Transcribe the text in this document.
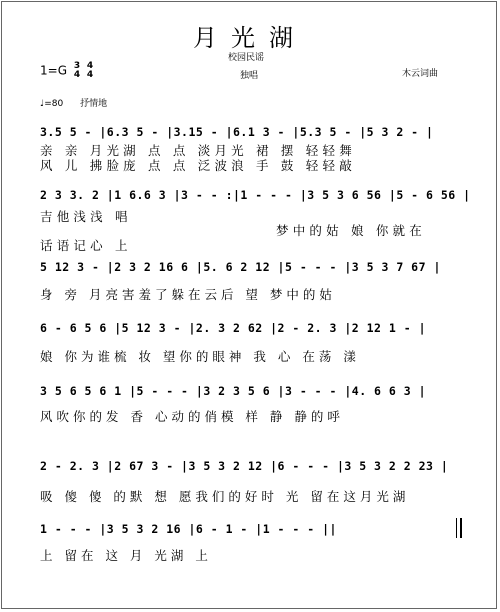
月光湖
校园民谣
独唱	木云词曲
1=G 3
4

4
4
♩=80 抒情地
3.5 5 - |6.3 5 - |3.15 - |6.1 3 - |5.3 5 - |5 3 2 - |
亲 亲 月光湖 点 点 淡月光 裙 摆 轻轻舞
风 儿 拂脸庞 点 点 泛波浪 手 鼓 轻轻敲
2 3 3. 2 |1 6.6 3 |3 - - :|1 - - - |3 5 3 6 56 |5 - 6 56 |
吉他浅浅 唱
梦中的姑 娘 你就在
话语记心 上
5 12 3 - |2 3 2 16 6 |5. 6 2 12 |5 - - - |3 5 3 7 67 |
身 旁 月亮害羞了躲在云后 望 梦中的姑
6 - 6 5 6 |5 12 3 - |2. 3 2 62 |2 - 2. 3 |2 12 1 - |
娘 你为谁梳 妆 望你的眼神 我 心 在荡 漾
3 5 6 5 6 1 |5 - - - |3 2 3 5 6 |3 - - - |4. 6 6 3 |
风吹你的发 香 心动的俏模 样 静 静的呼
2 - 2. 3 |2 67 3 - |3 5 3 2 12 |6 - - - |3 5 3 2 2 23 |
吸 傻 傻 的默 想 愿我们的好时 光 留在这月光湖
1 - - - |3 5 3 2 16 |6 - 1 - |1 - - - ||
上 留在 这 月 光湖 上
